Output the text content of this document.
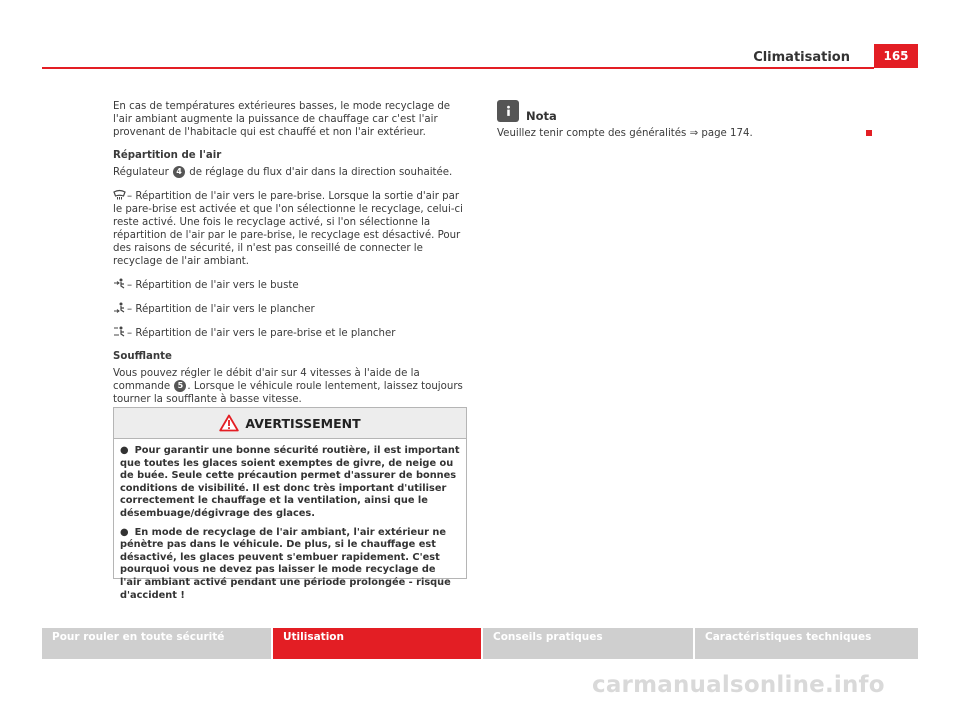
Climatisation	165

En cas de températures extérieures basses, le mode recyclage de l'air ambiant augmente la puissance de chauffage car c'est l'air provenant de l'habitacle qui est chauffé et non l'air extérieur.

Répartition de l'air

Régulateur 4 de réglage du flux d'air dans la direction souhaitée.

– Répartition de l'air vers le pare-brise. Lorsque la sortie d'air par le pare-brise est activée et que l'on sélectionne le recyclage, celui-ci reste activé. Une fois le recyclage activé, si l'on sélectionne la répartition de l'air par le pare-brise, le recyclage est désactivé. Pour des raisons de sécurité, il n'est pas conseillé de connecter le recyclage de l'air ambiant.

– Répartition de l'air vers le buste

– Répartition de l'air vers le plancher

– Répartition de l'air vers le pare-brise et le plancher

Soufflante

Vous pouvez régler le débit d'air sur 4 vitesses à l'aide de la commande 5 . Lorsque le véhicule roule lentement, laissez toujours tourner la soufflante à basse vitesse.

AVERTISSEMENT

● Pour garantir une bonne sécurité routière, il est important que toutes les glaces soient exemptes de givre, de neige ou de buée. Seule cette précaution permet d'assurer de bonnes conditions de visibilité. Il est donc très important d'utiliser correctement le chauffage et la ventilation, ainsi que le désembuage/dégivrage des glaces.

● En mode de recyclage de l'air ambiant, l'air extérieur ne pénètre pas dans le véhicule. De plus, si le chauffage est désactivé, les glaces peuvent s'embuer rapidement. C'est pourquoi vous ne devez pas laisser le mode recyclage de l'air ambiant activé pendant une période prolongée - risque d'accident !

Nota
Veuillez tenir compte des généralités ⇒ page 174.
Pour rouler en toute sécurité	Utilisation	Conseils pratiques	Caractéristiques techniques
carmanualsonline.info
